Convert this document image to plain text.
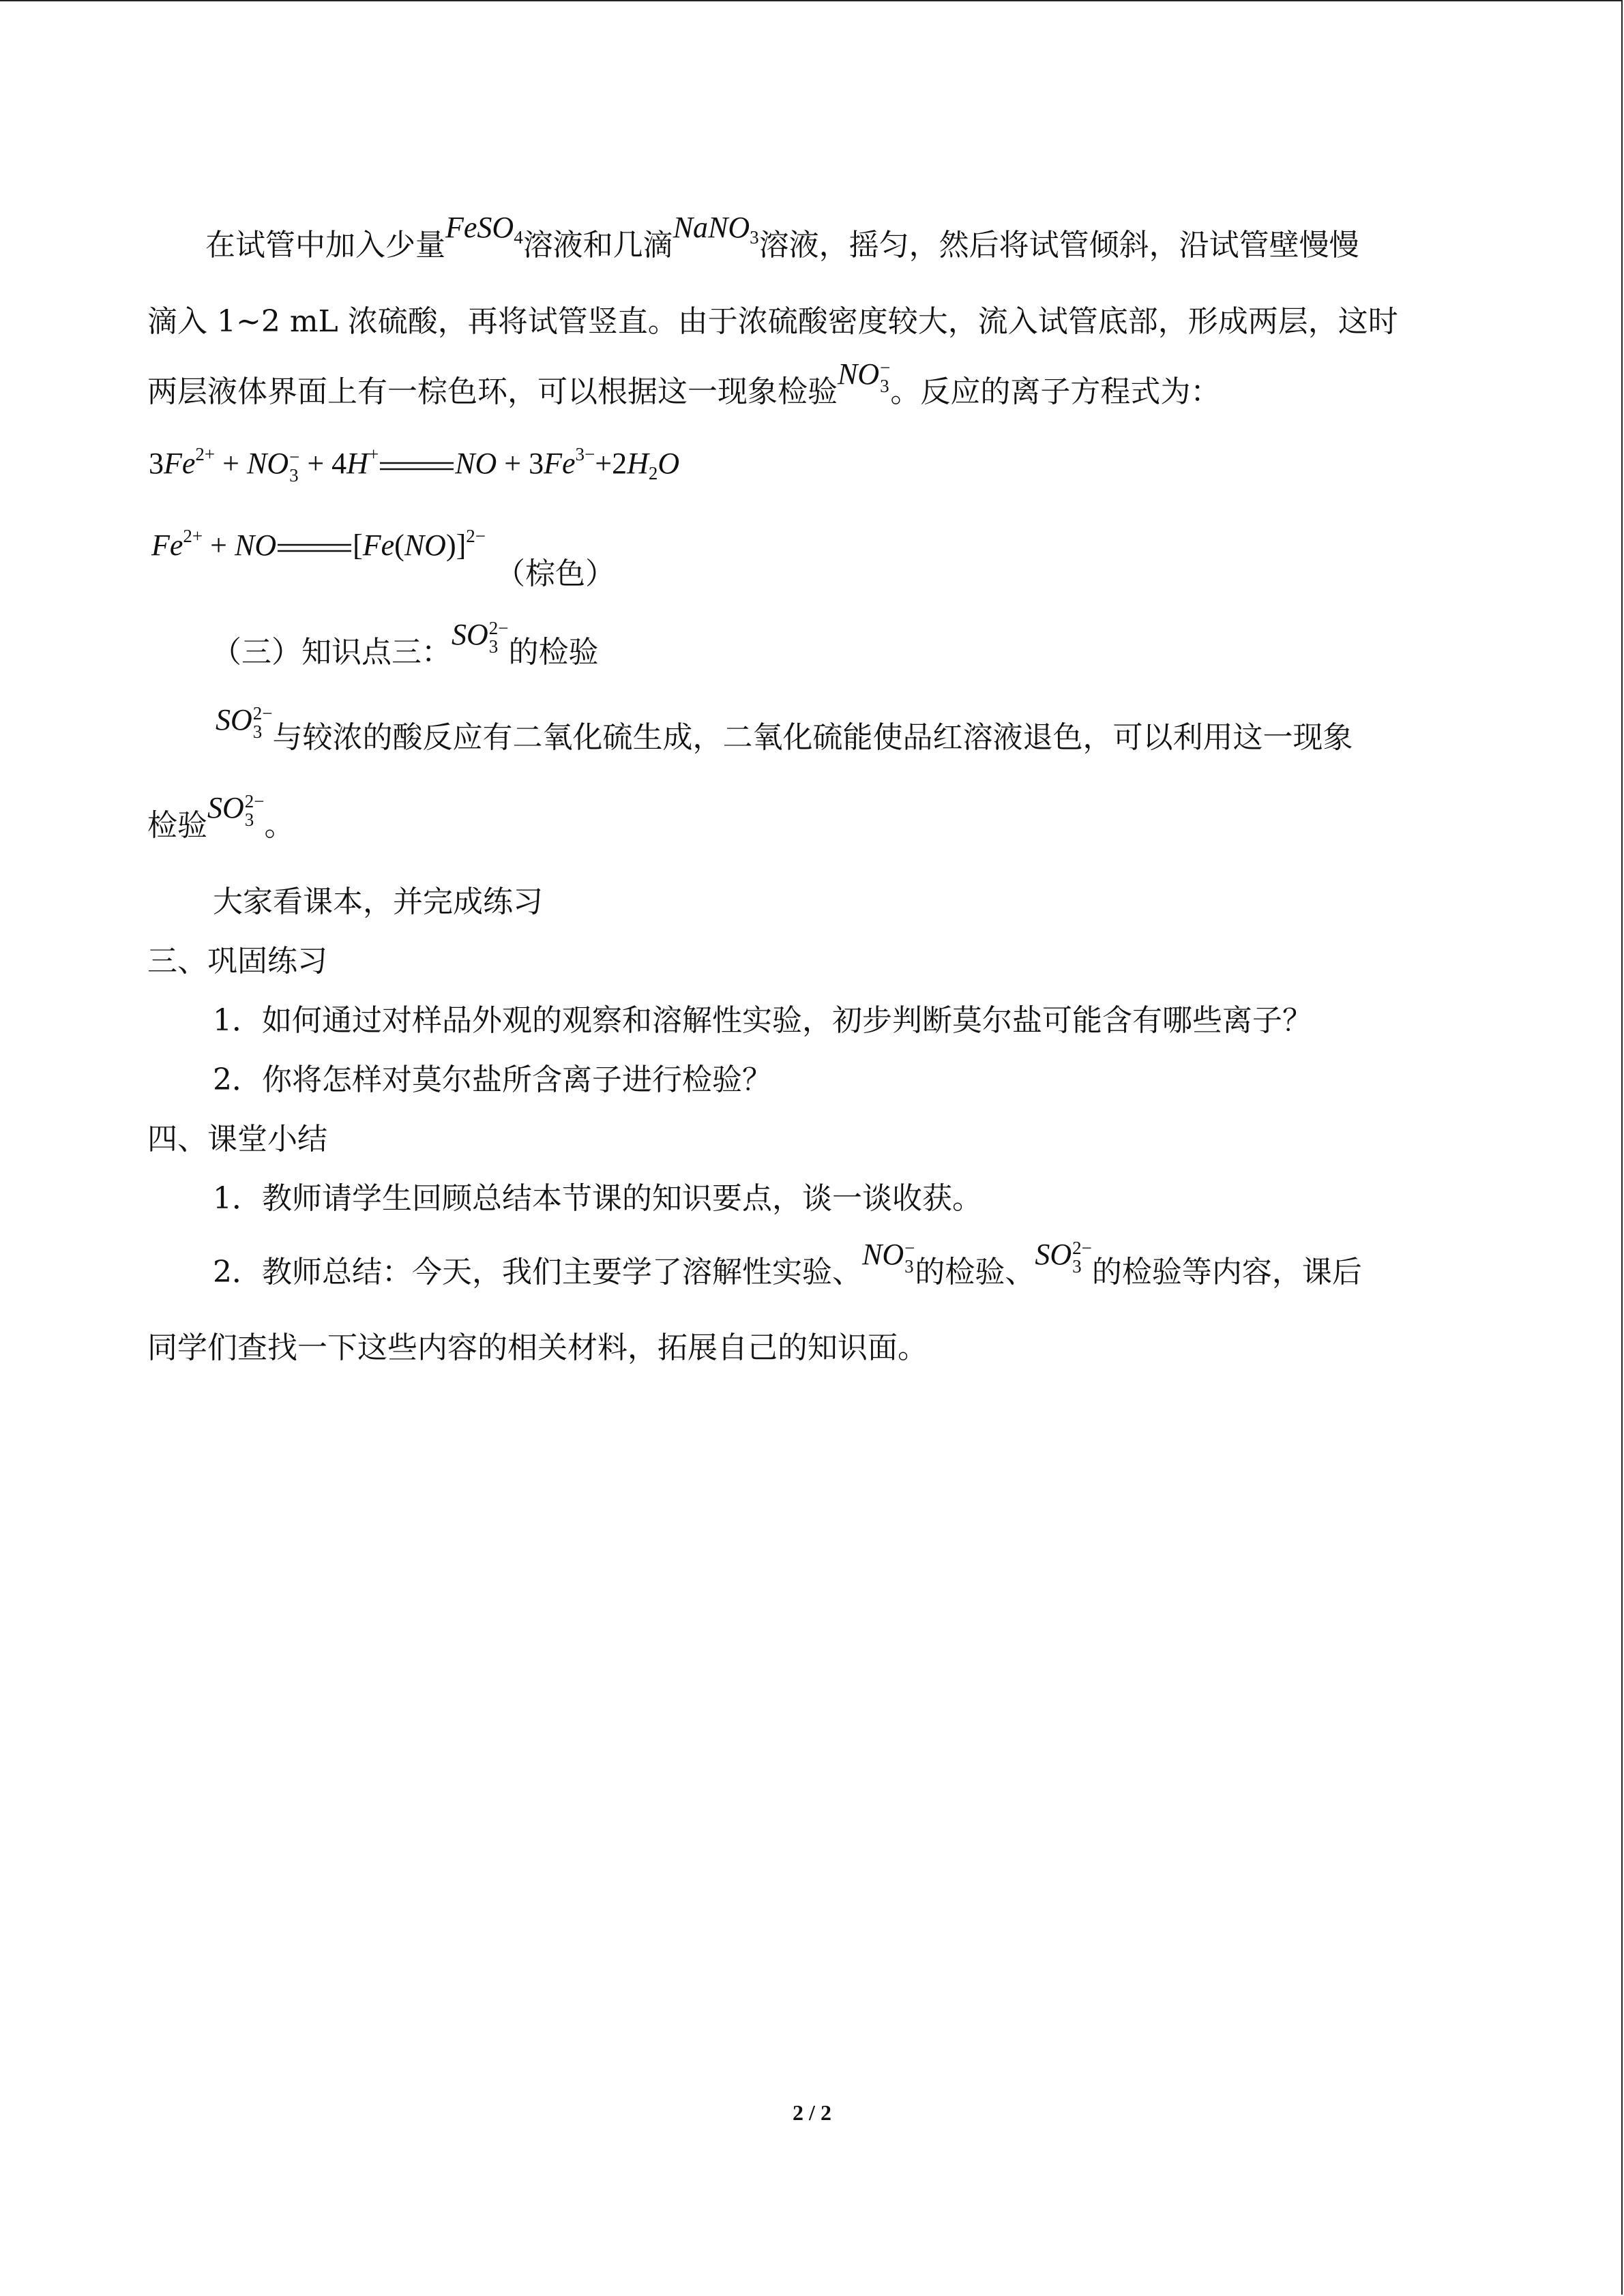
在试管中加入少量FeSO$_4$溶液和几滴NaNO$_3$溶液，摇匀，然后将试管倾斜，沿试管壁慢慢
滴入 1~2 mL 浓硫酸，再将试管竖直。由于浓硫酸密度较大，流入试管底部，形成两层，这时
两层液体界面上有一棕色环，可以根据这一现象检验NO −
3 。反应的离子方程式为：
$3Fe^{2+}$ + NO −
3 + 4H+	NO + $3Fe^{3-}+2H_2O$
$Fe^{2+}$ + NO	$[Fe(NO)]^{2-}$
（棕色）
（三）知识点三：SO 2−
3 的检验
SO 2−
3 与较浓的酸反应有二氧化硫生成，二氧化硫能使品红溶液退色，可以利用这一现象
检验SO 2−
3 。
大家看课本，并完成练习
三、巩固练习
1．如何通过对样品外观的观察和溶解性实验，初步判断莫尔盐可能含有哪些离子？
2．你将怎样对莫尔盐所含离子进行检验？
四、课堂小结
1．教师请学生回顾总结本节课的知识要点，谈一谈收获。
2．教师总结：今天，我们主要学了溶解性实验、NO −
3 的检验、SO 2−
3 的检验等内容，课后
同学们查找一下这些内容的相关材料，拓展自己的知识面。
2 / 2
